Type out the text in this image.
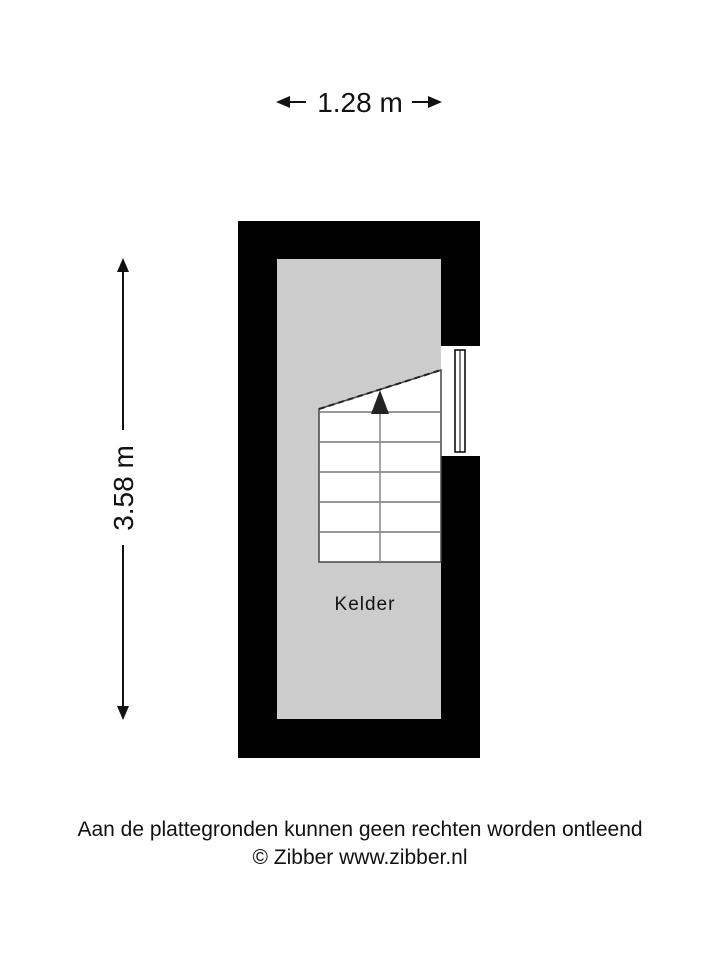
1.28 m
3.58 m
Kelder
Aan de plattegronden kunnen geen rechten worden ontleend
© Zibber www.zibber.nl
